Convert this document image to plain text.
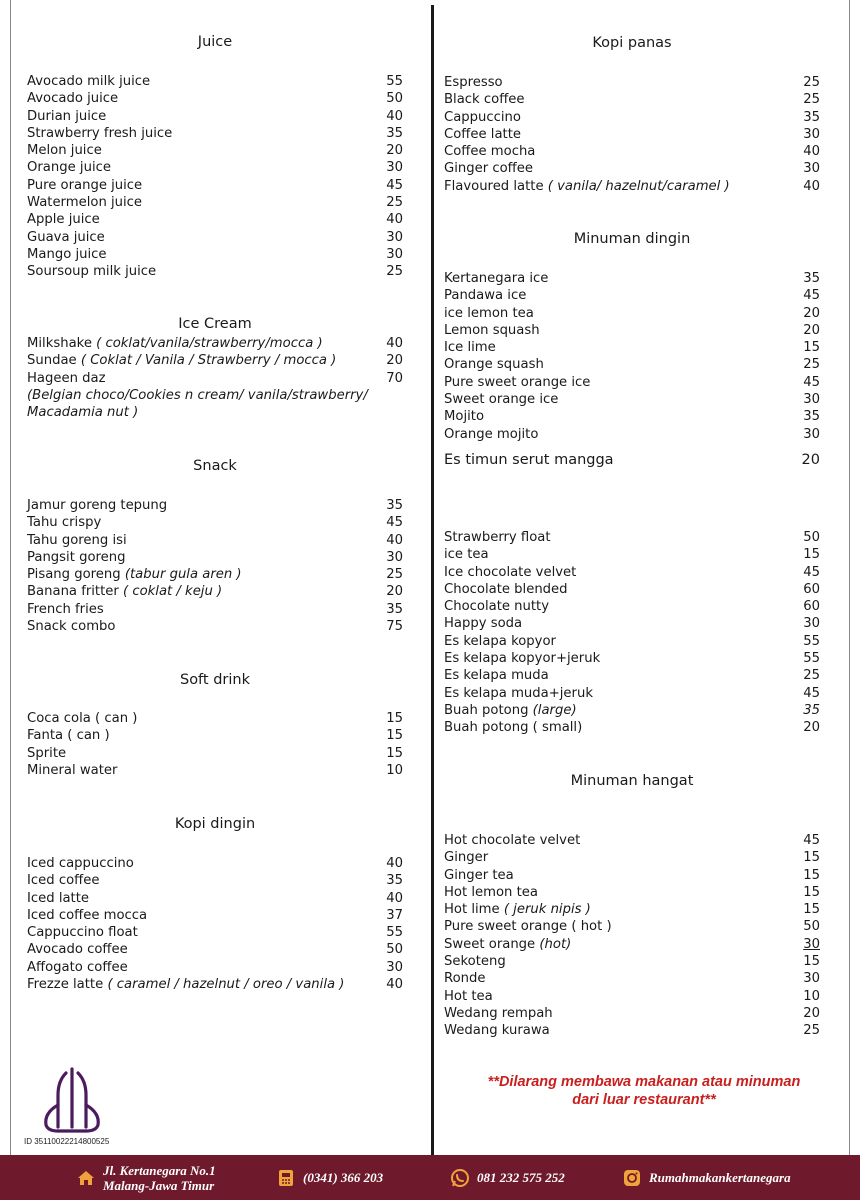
Juice
Avocado milk juice	55
Avocado juice	50
Durian juice	40
Strawberry fresh juice	35
Melon juice	20
Orange juice	30
Pure orange juice	45
Watermelon juice	25
Apple juice	40
Guava juice	30
Mango juice	30
Soursoup milk juice	25
Ice Cream
Milkshake ( coklat/vanila/strawberry/mocca )	40
Sundae ( Coklat / Vanila / Strawberry / mocca )	20
Hageen daz	70
(Belgian choco/Cookies n cream/ vanila/strawberry/
Macadamia nut )
Snack
Jamur goreng tepung	35
Tahu crispy	45
Tahu goreng isi	40
Pangsit goreng	30
Pisang goreng (tabur gula aren )	25
Banana fritter ( coklat / keju )	20
French fries	35
Snack combo	75
Soft drink
Coca cola ( can )	15
Fanta ( can )	15
Sprite	15
Mineral water	10
Kopi dingin
Iced cappuccino	40
Iced coffee	35
Iced latte	40
Iced coffee mocca	37
Cappuccino float	55
Avocado coffee	50
Affogato coffee	30
Frezze latte ( caramel / hazelnut / oreo / vanila )	40
Kopi panas
Espresso	25
Black coffee	25
Cappuccino	35
Coffee latte	30
Coffee mocha	40
Ginger coffee	30
Flavoured latte ( vanila/ hazelnut/caramel )	40
Minuman dingin
Kertanegara ice	35
Pandawa ice	45
ice lemon tea	20
Lemon squash	20
Ice lime	15
Orange squash	25
Pure sweet orange ice	45
Sweet orange ice	30
Mojito	35
Orange mojito	30
Es timun serut mangga	20
Strawberry float	50
ice tea	15
Ice chocolate velvet	45
Chocolate blended	60
Chocolate nutty	60
Happy soda	30
Es kelapa kopyor	55
Es kelapa kopyor+jeruk	55
Es kelapa muda	25
Es kelapa muda+jeruk	45
Buah potong (large)	35
Buah potong ( small)	20
Minuman hangat
Hot chocolate velvet	45
Ginger	15
Ginger tea	15
Hot lemon tea	15
Hot lime ( jeruk nipis )	15
Pure sweet orange ( hot )	50
Sweet orange (hot)	30
Sekoteng	15
Ronde	30
Hot tea	10
Wedang rempah	20
Wedang kurawa	25
**Dilarang membawa makanan atau minuman
dari luar restaurant**
ID 35110022214800525
Jl. Kertanegara No.1
Malang-Jawa Timur
(0341) 366 203	081 232 575 252	Rumahmakankertanegara
